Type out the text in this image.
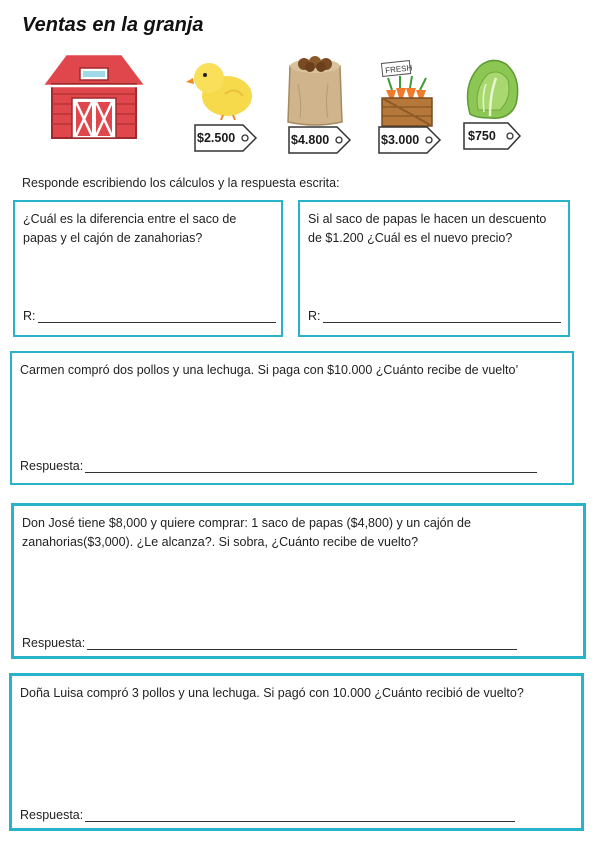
Ventas en la granja
FRESH
$2.500	$4.800	$3.000	$750
Responde escribiendo los cálculos y la respuesta escrita:
¿Cuál es la diferencia entre el saco de papas y el cajón de zanahorias?
R:
Si al saco de papas le hacen un descuento de $1.200 ¿Cuál es el nuevo precio?
R:
Carmen compró dos pollos y una lechuga. Si paga con $10.000 ¿Cuánto recibe de vuelto’
Respuesta:
Don José tiene $8,000 y quiere comprar: 1 saco de papas ($4,800) y un cajón de zanahorias($3,000). ¿Le alcanza?. Si sobra, ¿Cuánto recibe de vuelto?
Respuesta:
Doña Luisa compró 3 pollos y una lechuga. Si pagó con 10.000 ¿Cuánto recibió de vuelto?
Respuesta:
